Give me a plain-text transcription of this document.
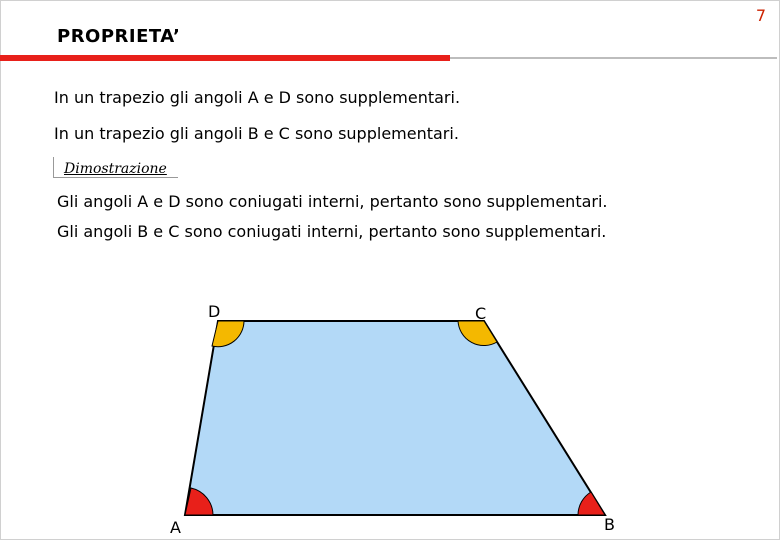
7
PROPRIETA’
In un trapezio gli angoli A e D sono supplementari.
In un trapezio gli angoli B e C sono supplementari.
Dimostrazione
Gli angoli A e D sono coniugati interni, pertanto sono supplementari.
Gli angoli B e C sono coniugati interni, pertanto sono supplementari.
D	C
A	B
